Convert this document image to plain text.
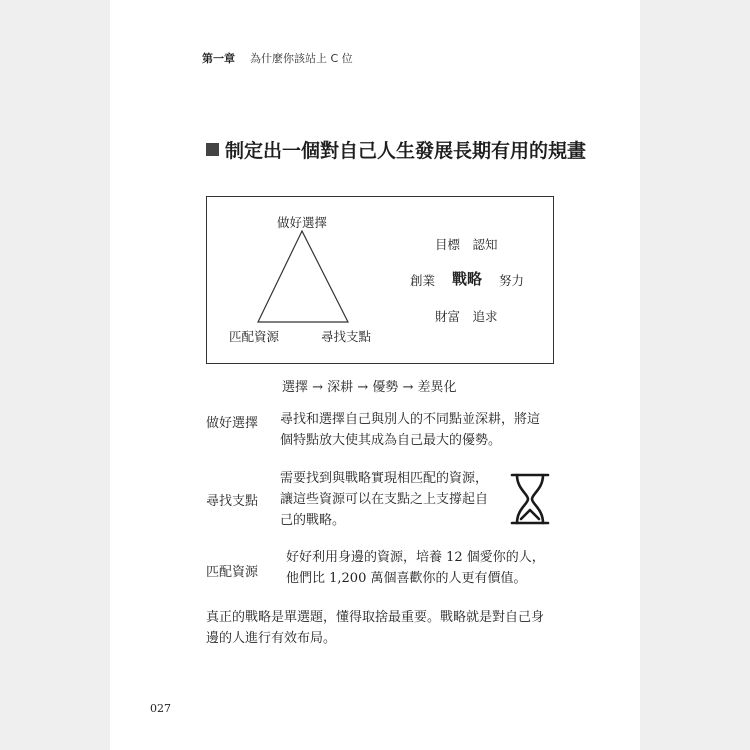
第一章 為什麼你該站上 C 位
制定出一個對自己人生發展長期有用的規畫
做好選擇
匹配資源	尋找支點
目標　認知
創業 戰略 努力
財富　追求
選擇 → 深耕 → 優勢 → 差異化
做好選擇 尋找和選擇自己與別人的不同點並深耕，將這
個特點放大使其成為自己最大的優勢。
尋找支點
需要找到與戰略實現相匹配的資源，
讓這些資源可以在支點之上支撐起自
己的戰略。
匹配資源
好好利用身邊的資源，培養 12 個愛你的人，
他們比 1,200 萬個喜歡你的人更有價值。
真正的戰略是單選題，懂得取捨最重要。戰略就是對自己身
邊的人進行有效布局。
027
